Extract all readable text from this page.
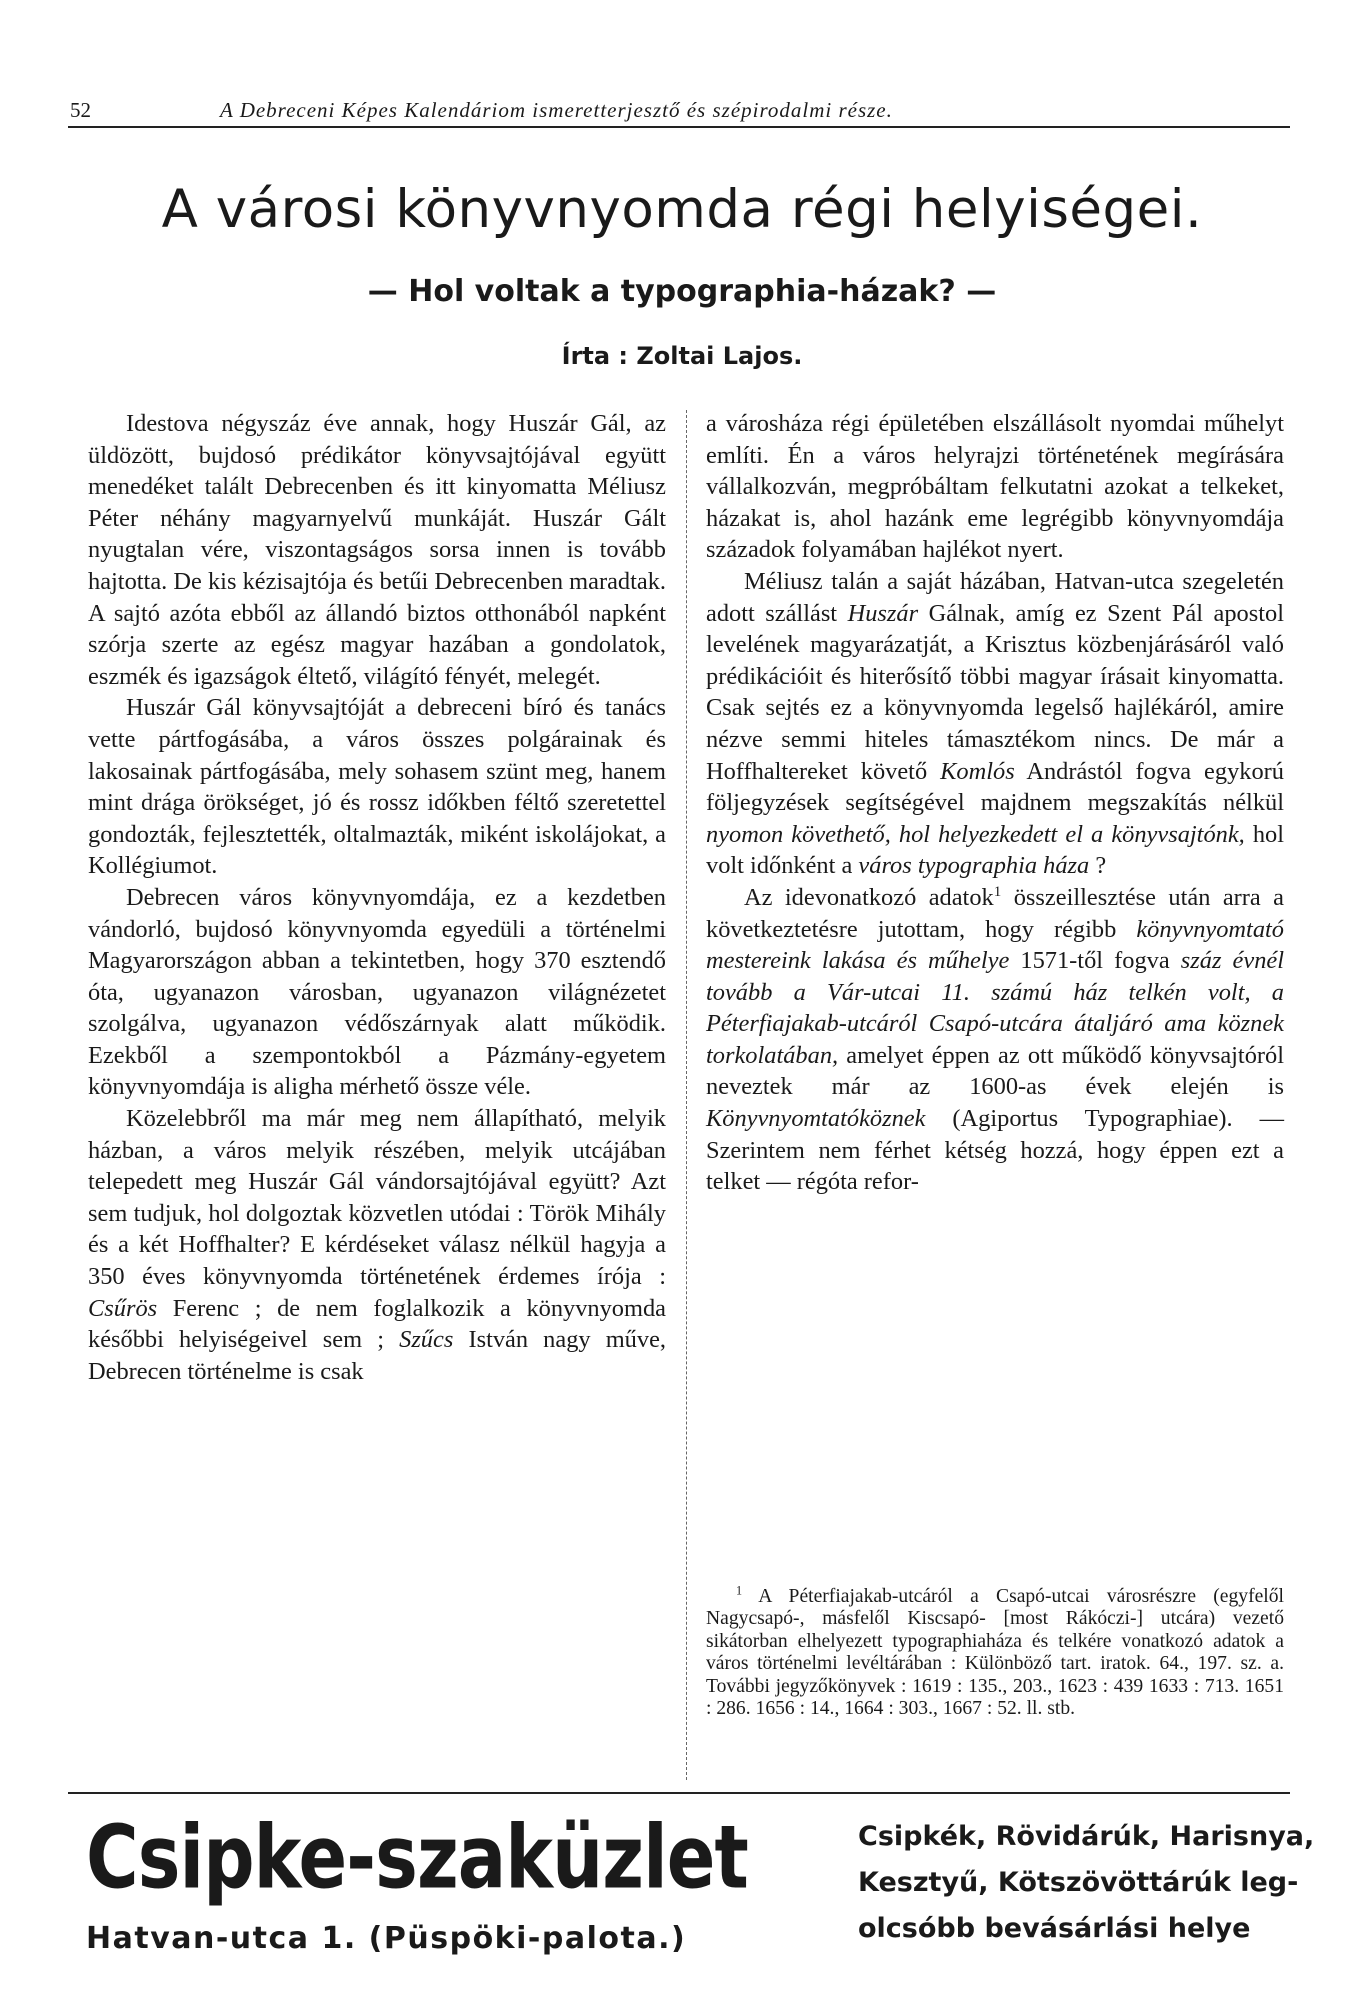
52	A Debreceni Képes Kalendáriom ismeretterjesztő és szépirodalmi része.
A városi könyvnyomda régi helyiségei.
— Hol voltak a typographia-házak? —
Írta : Zoltai Lajos.

Idestova négyszáz éve annak, hogy Huszár Gál, az üldözött, bujdosó prédikátor könyvsajtójával együtt menedéket talált Debrecenben és itt kinyomatta Méliusz Péter néhány magyarnyelvű munkáját. Huszár Gált nyugtalan vére, viszontagságos sorsa innen is tovább hajtotta. De kis kézisajtója és betűi Debrecenben maradtak. A sajtó azóta ebből az állandó biztos otthonából napként szórja szerte az egész magyar hazában a gondolatok, eszmék és igazságok éltető, világító fényét, melegét.

Huszár Gál könyvsajtóját a debreceni bíró és tanács vette pártfogásába, a város összes polgárainak és lakosainak pártfogásába, mely sohasem szünt meg, hanem mint drága örökséget, jó és rossz időkben féltő szeretettel gondozták, fejlesztették, oltalmazták, miként iskolájokat, a Kollégiumot.

Debrecen város könyvnyomdája, ez a kezdetben vándorló, bujdosó könyvnyomda egyedüli a történelmi Magyarországon abban a tekintetben, hogy 370 esztendő óta, ugyanazon városban, ugyanazon világnézetet szolgálva, ugyanazon védőszárnyak alatt működik. Ezekből a szempontokból a Pázmány-egyetem könyvnyomdája is aligha mérhető össze véle.

Közelebbről ma már meg nem állapítható, melyik házban, a város melyik részében, melyik utcájában telepedett meg Huszár Gál vándorsajtójával együtt? Azt sem tudjuk, hol dolgoztak közvetlen utódai : Török Mihály és a két Hoffhalter? E kérdéseket válasz nélkül hagyja a 350 éves könyvnyomda történetének érdemes írója : Csűrös Ferenc ; de nem foglalkozik a könyvnyomda későbbi helyiségeivel sem ; Szűcs István nagy műve, Debrecen történelme is csak

a városháza régi épületében elszállásolt nyomdai műhelyt említi. Én a város helyrajzi történetének megírására vállalkozván, megpróbáltam felkutatni azokat a telkeket, házakat is, ahol hazánk eme legrégibb könyvnyomdája századok folyamában hajlékot nyert.

Méliusz talán a saját házában, Hatvan-utca szegeletén adott szállást Huszár Gálnak, amíg ez Szent Pál apostol levelének magyarázatját, a Krisztus közbenjárásáról való prédikációit és hiterősítő többi magyar írásait kinyomatta. Csak sejtés ez a könyvnyomda legelső hajlékáról, amire nézve semmi hiteles támasztékom nincs. De már a Hoffhaltereket követő Komlós Andrástól fogva egykorú följegyzések segítségével majdnem megszakítás nélkül nyomon követhető, hol helyezkedett el a könyvsajtónk, hol volt időnként a város typographia háza ?

Az idevonatkozó adatok$^1$ összeillesztése után arra a következtetésre jutottam, hogy régibb könyvnyomtató mestereink lakása és műhelye 1571-től fogva száz évnél tovább a Vár-utcai 11. számú ház telkén volt, a Péterfiajakab-utcáról Csapó-utcára átaljáró ama köznek torkolatában, amelyet éppen az ott működő könyvsajtóról neveztek már az 1600-as évek elején is Könyvnyomtatóköznek (Agiportus Typographiae). — Szerintem nem férhet kétség hozzá, hogy éppen ezt a telket — régóta refor-

$^1$ A Péterfiajakab-utcáról a Csapó-utcai városrészre (egyfelől Nagycsapó-, másfelől Kiscsapó- [most Rákóczi-] utcára) vezető sikátorban elhelyezett typographiaháza és telkére vonatkozó adatok a város történelmi levéltárában : Különböző tart. iratok. 64., 197. sz. a. További jegyzőkönyvek : 1619 : 135., 203., 1623 : 439 1633 : 713. 1651 : 286. 1656 : 14., 1664 : 303., 1667 : 52. ll. stb.

Csipke-szaküzlet
Hatvan-utca 1. (Püspöki-palota.)
Csipkék, Rövidárúk, Harisnya,
Kesztyű, Kötszövöttárúk leg-
olcsóbb bevásárlási helye
